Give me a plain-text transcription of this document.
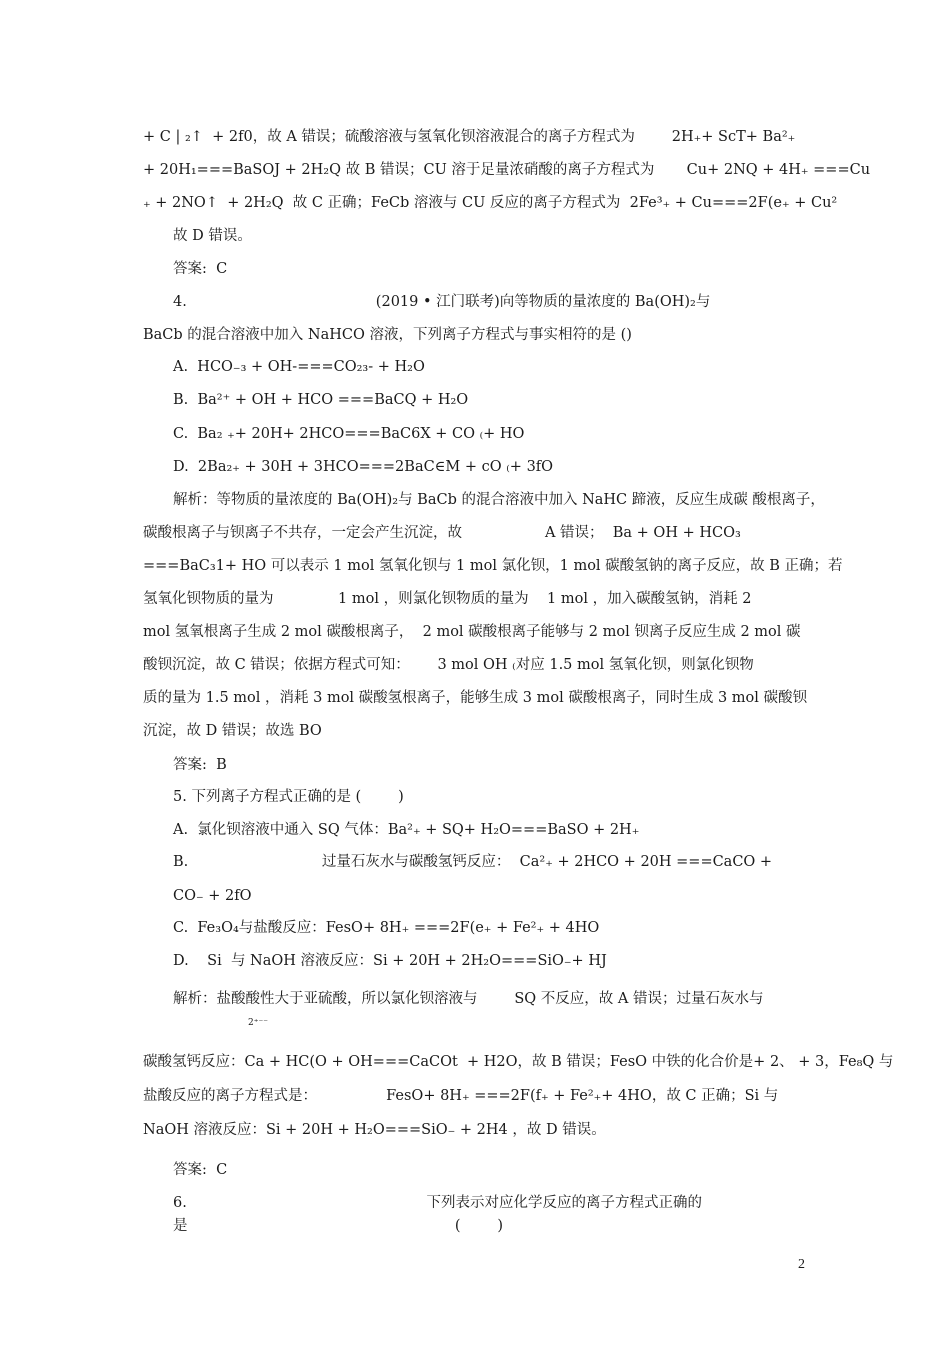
+ C | ₂↑  + 2f0，故 A 错误；硫酸溶液与氢氧化钡溶液混合的离子方程式为        2H₊+ ScT+ Ba²₊
+ 20H₁===BaSOJ + 2H₂Q 故 B 错误；CU 溶于足量浓硝酸的离子方程式为       Cu+ 2NQ + 4H₊ ===Cu
₊ + 2NO↑  + 2H₂Q  故 C 正确；FeCb 溶液与 CU 反应的离子方程式为  2Fe³₊ + Cu===2F(e₊ + Cu²
故 D 错误。
答案:  C
4.                                         (2019 • 江门联考)向等物质的量浓度的 Ba(OH)₂与
BaCb 的混合溶液中加入 NaHCO 溶液，下列离子方程式与事实相符的是 ()
A.  HCO₋₃ + OH-===CO₂₃- + H₂O
B.  Ba²⁺ + OH + HCO ===BaCQ + H₂O
C.  Ba₂ ₊+ 20H+ 2HCO===BaC6X + CO ₍+ HO
D.  2Ba₂₊ + 30H + 3HCO===2BaC∈M + cO ₍+ 3fO
解析：等物质的量浓度的 Ba(OH)₂与 BaCb 的混合溶液中加入 NaHC 蹄液，反应生成碳 酸根离子，
碳酸根离子与钡离子不共存，一定会产生沉淀，故                  A 错误；  Ba + OH + HCO₃
===BaC₃1+ HO 可以表示 1 mol 氢氧化钡与 1 mol 氯化钡，1 mol 碳酸氢钠的离子反应，故 B 正确；若
氢氧化钡物质的量为              1 mol ，则氯化钡物质的量为    1 mol ，加入碳酸氢钠，消耗 2
mol 氢氧根离子生成 2 mol 碳酸根离子，  2 mol 碳酸根离子能够与 2 mol 钡离子反应生成 2 mol 碳
酸钡沉淀，故 C 错误；依据方程式可知：      3 mol OH ₍对应 1.5 mol 氢氧化钡，则氯化钡物
质的量为 1.5 mol ，消耗 3 mol 碳酸氢根离子，能够生成 3 mol 碳酸根离子，同时生成 3 mol 碳酸钡
沉淀，故 D 错误；故选 BO
答案:  B
5. 下列离子方程式正确的是 (        )
A.  氯化钡溶液中通入 SQ 气体：Ba²₊ + SQ+ H₂O===BaSO + 2H₊
B.                             过量石灰水与碳酸氢钙反应：  Ca²₊ + 2HCO + 20H ===CaCO +
CO₋ + 2fO
C.  Fe₃O₄与盐酸反应：FesO+ 8H₊ ===2F(e₊ + Fe²₊ + 4HO
D.    Si  与 NaOH 溶液反应：Si + 20H + 2H₂O===SiO₋+ HJ
解析：盐酸酸性大于亚硫酸，所以氯化钡溶液与        SQ 不反应，故 A 错误；过量石灰水与
2⁺⁻⁻
碳酸氢钙反应：Ca + HC(O + OH===CaCOt  + H2O，故 B 错误；FesO 中铁的化合价是+ 2、 + 3，Fe₈Q 与
盐酸反应的离子方程式是：               FesO+ 8H₊ ===2F(f₊ + Fe²₊+ 4HO，故 C 正确；Si 与
NaOH 溶液反应：Si + 20H + H₂O===SiO₋ + 2H4 ，故 D 错误。
答案:  C
6.                                                    下列表示对应化学反应的离子方程式正确的
是                                                          (        )
2
